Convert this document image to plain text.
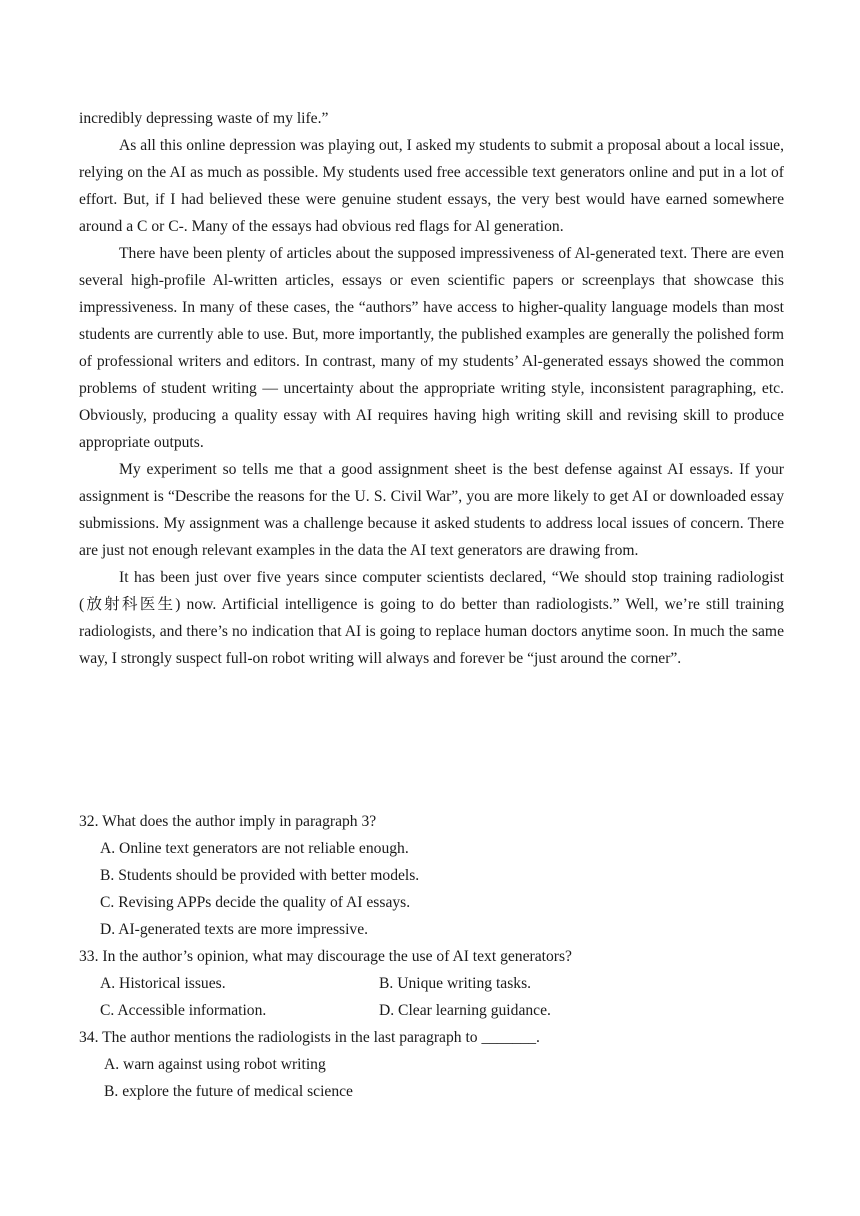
incredibly depressing waste of my life.”

As all this online depression was playing out, I asked my students to submit a proposal about a local issue, relying on the AI as much as possible. My students used free accessible text generators online and put in a lot of effort. But, if I had believed these were genuine student essays, the very best would have earned somewhere around a C or C-. Many of the essays had obvious red flags for Al generation.

There have been plenty of articles about the supposed impressiveness of Al-generated text. There are even several high-profile Al-written articles, essays or even scientific papers or screenplays that showcase this impressiveness. In many of these cases, the “authors” have access to higher-quality language models than most students are currently able to use. But, more importantly, the published examples are generally the polished form of professional writers and editors. In contrast, many of my students’ Al-generated essays showed the common problems of student writing — uncertainty about the appropriate writing style, inconsistent paragraphing, etc. Obviously, producing a quality essay with AI requires having high writing skill and revising skill to produce appropriate outputs.

My experiment so tells me that a good assignment sheet is the best defense against AI essays. If your assignment is “Describe the reasons for the U. S. Civil War”, you are more likely to get AI or downloaded essay submissions. My assignment was a challenge because it asked students to address local issues of concern. There are just not enough relevant examples in the data the AI text generators are drawing from.

It has been just over five years since computer scientists declared, “We should stop training radiologist (放射科医生) now. Artificial intelligence is going to do better than radiologists.” Well, we’re still training radiologists, and there’s no indication that AI is going to replace human doctors anytime soon. In much the same way, I strongly suspect full-on robot writing will always and forever be “just around the corner”.

32. What does the author imply in paragraph 3?
A. Online text generators are not reliable enough.
B. Students should be provided with better models.
C. Revising APPs decide the quality of AI essays.
D. AI-generated texts are more impressive.
33. In the author’s opinion, what may discourage the use of AI text generators?
A. Historical issues.	B. Unique writing tasks.
C. Accessible information.	D. Clear learning guidance.
34. The author mentions the radiologists in the last paragraph to _______.
A. warn against using robot writing
B. explore the future of medical science
